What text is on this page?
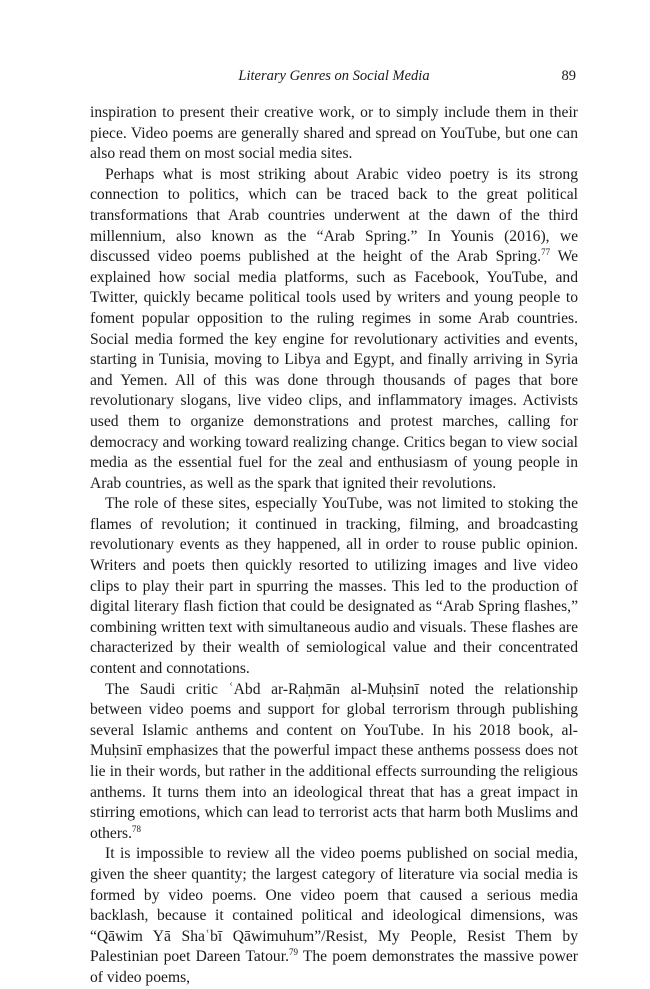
Literary Genres on Social Media	89

inspiration to present their creative work, or to simply include them in their piece. Video poems are generally shared and spread on YouTube, but one can also read them on most social media sites.

Perhaps what is most striking about Arabic video poetry is its strong connection to politics, which can be traced back to the great political transformations that Arab countries underwent at the dawn of the third millennium, also known as the “Arab Spring.” In Younis (2016), we discussed video poems published at the height of the Arab Spring.$^{77}$ We explained how social media platforms, such as Facebook, YouTube, and Twitter, quickly became political tools used by writers and young people to foment popular opposition to the ruling regimes in some Arab countries. Social media formed the key engine for revolutionary activities and events, starting in Tunisia, moving to Libya and Egypt, and finally arriving in Syria and Yemen. All of this was done through thousands of pages that bore revolutionary slogans, live video clips, and inflammatory images. Activists used them to organize demonstrations and protest marches, calling for democracy and working toward realizing change. Critics began to view social media as the essential fuel for the zeal and enthusiasm of young people in Arab countries, as well as the spark that ignited their revolutions.

The role of these sites, especially YouTube, was not limited to stoking the flames of revolution; it continued in tracking, filming, and broadcasting revolutionary events as they happened, all in order to rouse public opinion. Writers and poets then quickly resorted to utilizing images and live video clips to play their part in spurring the masses. This led to the production of digital literary flash fiction that could be designated as “Arab Spring flashes,” combining written text with simultaneous audio and visuals. These flashes are characterized by their wealth of semiological value and their concentrated content and connotations.

The Saudi critic ʿAbd ar-Raḥmān al-Muḥsinī noted the relationship between video poems and support for global terrorism through publishing several Islamic anthems and content on YouTube. In his 2018 book, al-Muḥsinī emphasizes that the powerful impact these anthems possess does not lie in their words, but rather in the additional effects surrounding the religious anthems. It turns them into an ideological threat that has a great impact in stirring emotions, which can lead to terrorist acts that harm both Muslims and others.$^{78}$

It is impossible to review all the video poems published on social media, given the sheer quantity; the largest category of literature via social media is formed by video poems. One video poem that caused a serious media backlash, because it contained political and ideological dimensions, was “Qāwim Yā Shaʿbī Qāwimuhum”/Resist, My People, Resist Them by Palestinian poet Dareen Tatour.$^{79}$ The poem demonstrates the massive power of video poems,
